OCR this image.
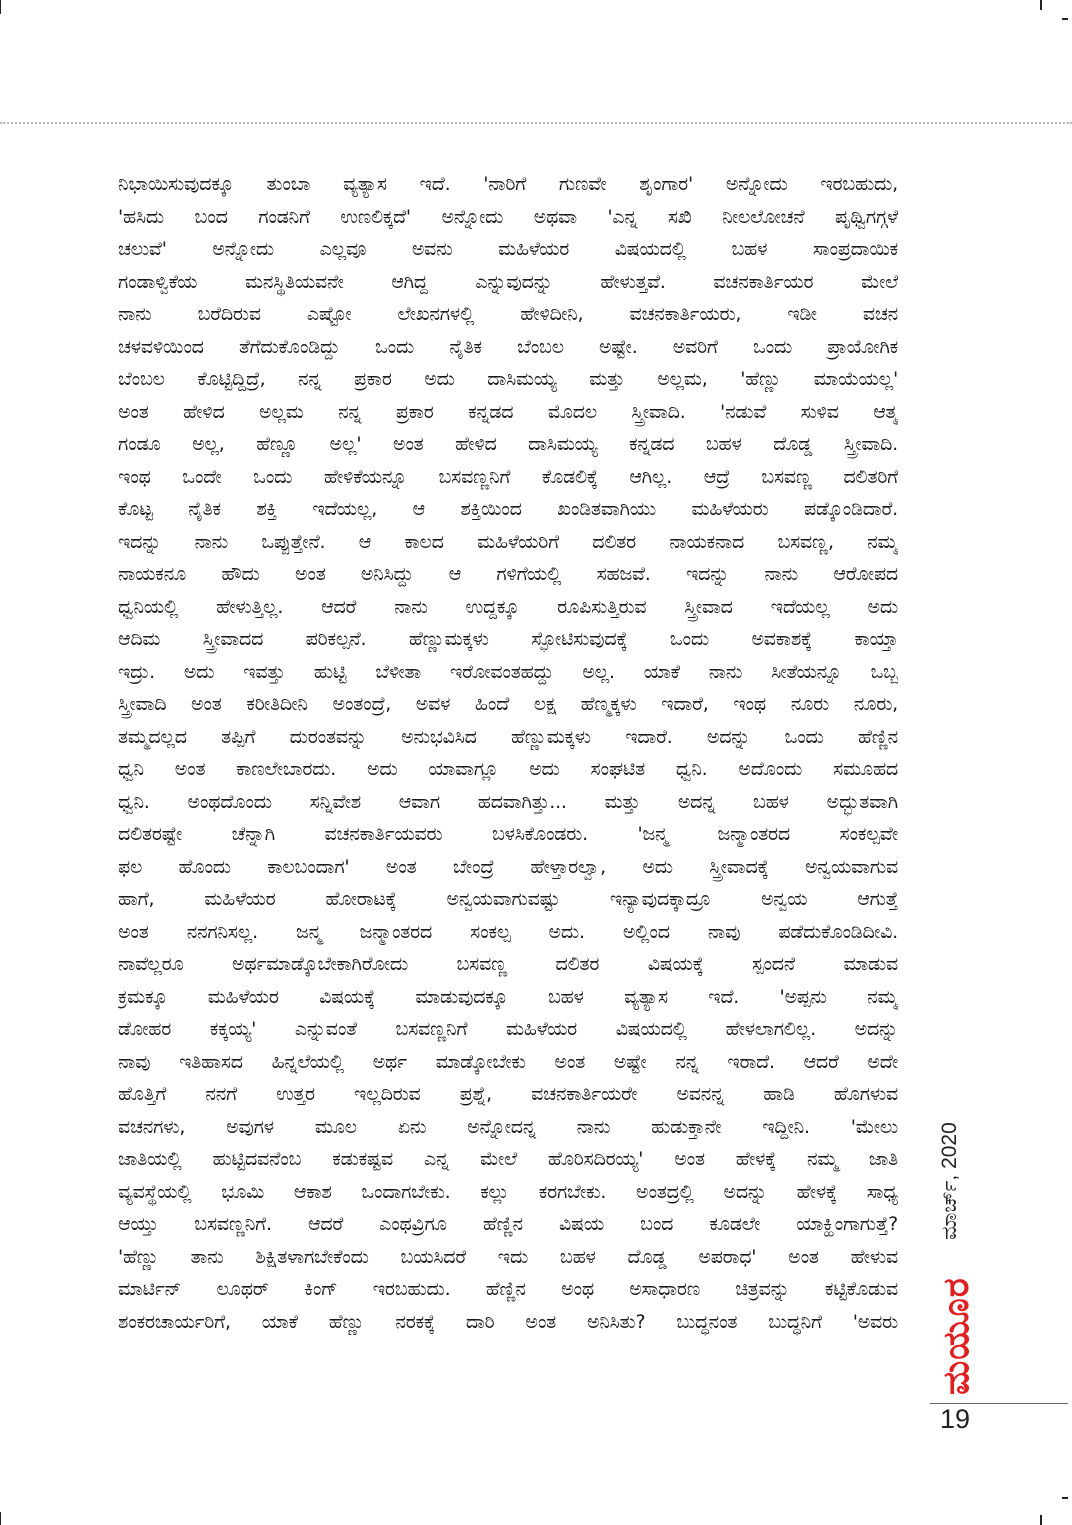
ನಿಭಾಯಿಸುವುದಕ್ಕೂ ತುಂಬಾ ವ್ಯತ್ಯಾಸ ಇದೆ. 'ನಾರಿಗೆ ಗುಣವೇ ಶೃಂಗಾರ' ಅನ್ನೋದು ಇರಬಹುದು,
'ಹಸಿದು ಬಂದ ಗಂಡನಿಗೆ ಉಣಲಿಕ್ಕದೆ' ಅನ್ನೋದು ಅಥವಾ 'ಎನ್ನ ಸಖಿ ನೀಲಲೋಚನೆ ಪೃಥ್ವಿಗಗ್ಗಳೆ
ಚಲುವೆ' ಅನ್ನೋದು ಎಲ್ಲವೂ ಅವನು ಮಹಿಳೆಯರ ವಿಷಯದಲ್ಲಿ ಬಹಳ ಸಾಂಪ್ರದಾಯಿಕ
ಗಂಡಾಳ್ವಿಕೆಯ ಮನಸ್ಥಿತಿಯವನೇ ಆಗಿದ್ದ ಎನ್ನುವುದನ್ನು ಹೇಳುತ್ತವೆ. ವಚನಕಾರ್ತಿಯರ ಮೇಲೆ
ನಾನು ಬರೆದಿರುವ ಎಷ್ಟೋ ಲೇಖನಗಳಲ್ಲಿ ಹೇಳಿದೀನಿ, ವಚನಕಾರ್ತಿಯರು, ಇಡೀ ವಚನ
ಚಳವಳಿಯಿಂದ ತೆಗೆದುಕೊಂಡಿದ್ದು ಒಂದು ನೈತಿಕ ಬೆಂಬಲ ಅಷ್ಟೇ. ಅವರಿಗೆ ಒಂದು ಪ್ರಾಯೋಗಿಕ
ಬೆಂಬಲ ಕೊಟ್ಟಿದ್ದಿದ್ರೆ, ನನ್ನ ಪ್ರಕಾರ ಅದು ದಾಸಿಮಯ್ಯ ಮತ್ತು ಅಲ್ಲಮ, 'ಹೆಣ್ಣು ಮಾಯೆಯಲ್ಲ'
ಅಂತ ಹೇಳಿದ ಅಲ್ಲಮ ನನ್ನ ಪ್ರಕಾರ ಕನ್ನಡದ ಮೊದಲ ಸ್ತ್ರೀವಾದಿ. 'ನಡುವೆ ಸುಳಿವ ಆತ್ಮ
ಗಂಡೂ ಅಲ್ಲ, ಹೆಣ್ಣೂ ಅಲ್ಲ' ಅಂತ ಹೇಳಿದ ದಾಸಿಮಯ್ಯ ಕನ್ನಡದ ಬಹಳ ದೊಡ್ಡ ಸ್ತ್ರೀವಾದಿ.
ಇಂಥ ಒಂದೇ ಒಂದು ಹೇಳಿಕೆಯನ್ನೂ ಬಸವಣ್ಣನಿಗೆ ಕೊಡಲಿಕ್ಕೆ ಆಗಿಲ್ಲ. ಆದ್ರೆ ಬಸವಣ್ಣ ದಲಿತರಿಗೆ
ಕೊಟ್ಟ ನೈತಿಕ ಶಕ್ತಿ ಇದೆಯಲ್ಲ, ಆ ಶಕ್ತಿಯಿಂದ ಖಂಡಿತವಾಗಿಯು ಮಹಿಳೆಯರು ಪಡ್ಕೊಂಡಿದಾರೆ.
ಇದನ್ನು ನಾನು ಒಪ್ಪುತ್ತೇನೆ. ಆ ಕಾಲದ ಮಹಿಳೆಯರಿಗೆ ದಲಿತರ ನಾಯಕನಾದ ಬಸವಣ್ಣ, ನಮ್ಮ
ನಾಯಕನೂ ಹೌದು ಅಂತ ಅನಿಸಿದ್ದು ಆ ಗಳಿಗೆಯಲ್ಲಿ ಸಹಜವೆ. ಇದನ್ನು ನಾನು ಆರೋಪದ
ಧ್ವನಿಯಲ್ಲಿ ಹೇಳುತ್ತಿಲ್ಲ. ಆದರೆ ನಾನು ಉದ್ದಕ್ಕೂ ರೂಪಿಸುತ್ತಿರುವ ಸ್ತ್ರೀವಾದ ಇದೆಯಲ್ಲ ಅದು
ಆದಿಮ ಸ್ತ್ರೀವಾದದ ಪರಿಕಲ್ಪನೆ. ಹೆಣ್ಣುಮಕ್ಕಳು ಸ್ಫೋಟಿಸುವುದಕ್ಕೆ ಒಂದು ಅವಕಾಶಕ್ಕೆ ಕಾಯ್ತಾ
ಇದ್ರು. ಅದು ಇವತ್ತು ಹುಟ್ಟಿ ಬೆಳೀತಾ ಇರೋವಂತಹದ್ದು ಅಲ್ಲ. ಯಾಕೆ ನಾನು ಸೀತೆಯನ್ನೂ ಒಬ್ಬ
ಸ್ತ್ರೀವಾದಿ ಅಂತ ಕರೀತಿದೀನಿ ಅಂತಂದ್ರೆ, ಅವಳ ಹಿಂದೆ ಲಕ್ಷ ಹೆಣ್ಮಕ್ಕಳು ಇದಾರೆ, ಇಂಥ ನೂರು ನೂರು,
ತಮ್ಮದಲ್ಲದ ತಪ್ಪಿಗೆ ದುರಂತವನ್ನು ಅನುಭವಿಸಿದ ಹೆಣ್ಣುಮಕ್ಕಳು ಇದಾರೆ. ಅದನ್ನು ಒಂದು ಹೆಣ್ಣಿನ
ಧ್ವನಿ ಅಂತ ಕಾಣಲೇಬಾರದು. ಅದು ಯಾವಾಗ್ಲೂ ಅದು ಸಂಘಟಿತ ಧ್ವನಿ. ಅದೊಂದು ಸಮೂಹದ
ಧ್ವನಿ. ಅಂಥದೊಂದು ಸನ್ನಿವೇಶ ಆವಾಗ ಹದವಾಗಿತ್ತು... ಮತ್ತು ಅದನ್ನ ಬಹಳ ಅದ್ಭುತವಾಗಿ
ದಲಿತರಷ್ಟೇ ಚೆನ್ನಾಗಿ ವಚನಕಾರ್ತಿಯವರು ಬಳಸಿಕೊಂಡರು. 'ಜನ್ಮ ಜನ್ಮಾಂತರದ ಸಂಕಲ್ಪವೇ
ಫಲ ಹೊಂದು ಕಾಲಬಂದಾಗ' ಅಂತ ಬೇಂದ್ರೆ ಹೇಳ್ತಾರಲ್ವಾ, ಅದು ಸ್ತ್ರೀವಾದಕ್ಕೆ ಅನ್ವಯವಾಗುವ
ಹಾಗೆ, ಮಹಿಳೆಯರ ಹೋರಾಟಕ್ಕೆ ಅನ್ವಯವಾಗುವಷ್ಟು ಇನ್ಯಾವುದಕ್ಕಾದ್ರೂ ಅನ್ವಯ ಆಗುತ್ತೆ
ಅಂತ ನನಗನಿಸಲ್ಲ. ಜನ್ಮ ಜನ್ಮಾಂತರದ ಸಂಕಲ್ಪ ಅದು. ಅಲ್ಲಿಂದ ನಾವು ಪಡೆದುಕೊಂಡಿದೀವಿ.
ನಾವೆಲ್ಲರೂ ಅರ್ಥಮಾಡ್ಕೊಬೇಕಾಗಿರೋದು ಬಸವಣ್ಣ ದಲಿತರ ವಿಷಯಕ್ಕೆ ಸ್ಪಂದನೆ ಮಾಡುವ
ಕ್ರಮಕ್ಕೂ ಮಹಿಳೆಯರ ವಿಷಯಕ್ಕೆ ಮಾಡುವುದಕ್ಕೂ ಬಹಳ ವ್ಯತ್ಯಾಸ ಇದೆ. 'ಅಪ್ಪನು ನಮ್ಮ
ಡೋಹರ ಕಕ್ಕಯ್ಯ' ಎನ್ನುವಂತೆ ಬಸವಣ್ಣನಿಗೆ ಮಹಿಳೆಯರ ವಿಷಯದಲ್ಲಿ ಹೇಳಲಾಗಲಿಲ್ಲ. ಅದನ್ನು
ನಾವು ಇತಿಹಾಸದ ಹಿನ್ನಲೆಯಲ್ಲಿ ಅರ್ಥ ಮಾಡ್ಕೋಬೇಕು ಅಂತ ಅಷ್ಟೇ ನನ್ನ ಇರಾದೆ. ಆದರೆ ಅದೇ
ಹೊತ್ತಿಗೆ ನನಗೆ ಉತ್ತರ ಇಲ್ಲದಿರುವ ಪ್ರಶ್ನೆ, ವಚನಕಾರ್ತಿಯರೇ ಅವನನ್ನ ಹಾಡಿ ಹೊಗಳುವ
ವಚನಗಳು, ಅವುಗಳ ಮೂಲ ಏನು ಅನ್ನೋದನ್ನ ನಾನು ಹುಡುಕ್ತಾನೇ ಇದ್ದೀನಿ. 'ಮೇಲು
ಜಾತಿಯಲ್ಲಿ ಹುಟ್ಟಿದವನೆಂಬ ಕಡುಕಷ್ಟವ ಎನ್ನ ಮೇಲೆ ಹೊರಿಸದಿರಯ್ಯ' ಅಂತ ಹೇಳಕ್ಕೆ ನಮ್ಮ ಜಾತಿ
ವ್ಯವಸ್ಥೆಯಲ್ಲಿ ಭೂಮಿ ಆಕಾಶ ಒಂದಾಗಬೇಕು. ಕಲ್ಲು ಕರಗಬೇಕು. ಅಂತದ್ರಲ್ಲಿ ಅದನ್ನು ಹೇಳಕ್ಕೆ ಸಾಧ್ಯ
ಆಯ್ತು ಬಸವಣ್ಣನಿಗೆ. ಆದರೆ ಎಂಥವ್ರಿಗೂ ಹೆಣ್ಣಿನ ವಿಷಯ ಬಂದ ಕೂಡಲೇ ಯಾಕ್ಹಿಂಗಾಗುತ್ತೆ?
'ಹೆಣ್ಣು ತಾನು ಶಿಕ್ಷಿತಳಾಗಬೇಕೆಂದು ಬಯಸಿದರೆ ಇದು ಬಹಳ ದೊಡ್ಡ ಅಪರಾಧ' ಅಂತ ಹೇಳುವ
ಮಾರ್ಟಿನ್ ಲೂಥರ್ ಕಿಂಗ್ ಇರಬಹುದು. ಹೆಣ್ಣಿನ ಅಂಥ ಅಸಾಧಾರಣ ಚಿತ್ರವನ್ನು ಕಟ್ಟಿಕೊಡುವ
ಶಂಕರಚಾರ್ಯರಿಗೆ, ಯಾಕೆ ಹೆಣ್ಣು ನರಕಕ್ಕೆ ದಾರಿ ಅಂತ ಅನಿಸಿತು? ಬುದ್ಧನಂತ ಬುದ್ಧನಿಗೆ 'ಅವರು
ಮಾರ್ಚ್, 2020
ಮಯೂರ
19
